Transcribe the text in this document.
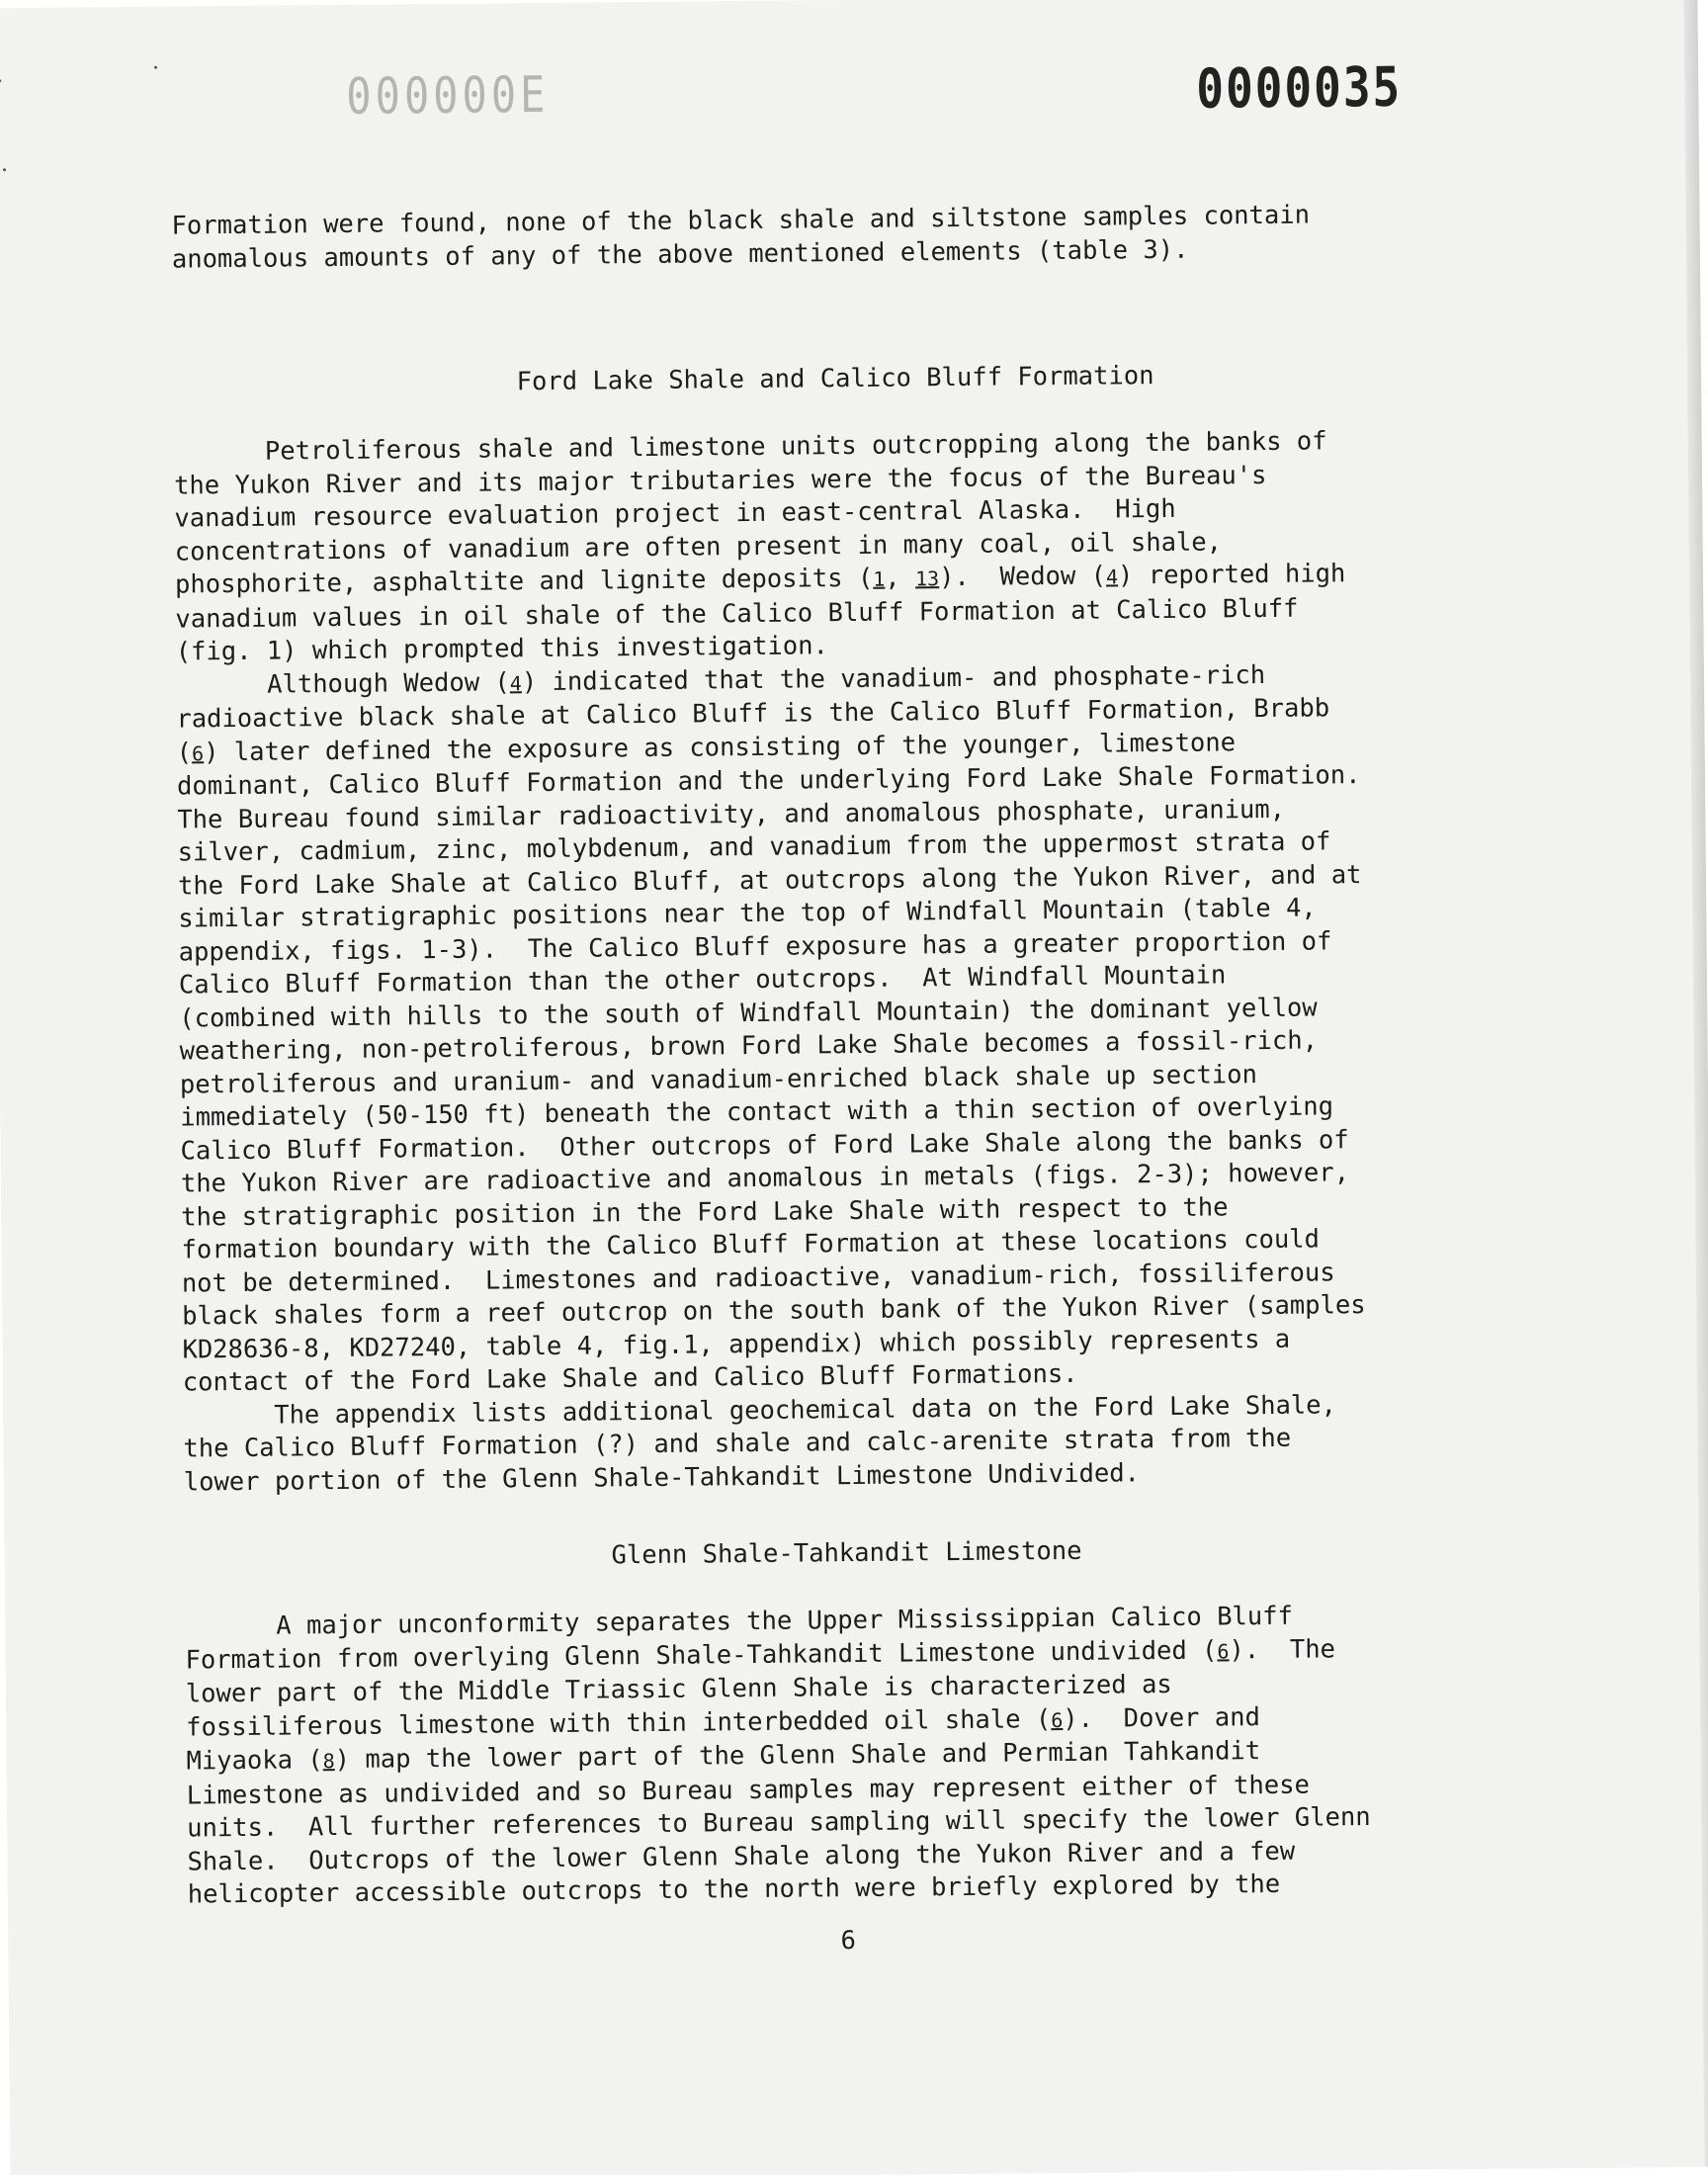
000000E	0000035
Formation were found, none of the black shale and siltstone samples contain
anomalous amounts of any of the above mentioned elements (table 3).
Ford Lake Shale and Calico Bluff Formation
Petroliferous shale and limestone units outcropping along the banks of
the Yukon River and its major tributaries were the focus of the Bureau's
vanadium resource evaluation project in east-central Alaska.  High
concentrations of vanadium are often present in many coal, oil shale,
phosphorite, asphaltite and lignite deposits (1, 13).  Wedow (4) reported high
vanadium values in oil shale of the Calico Bluff Formation at Calico Bluff
(fig. 1) which prompted this investigation.
Although Wedow (4) indicated that the vanadium- and phosphate-rich
radioactive black shale at Calico Bluff is the Calico Bluff Formation, Brabb
(6) later defined the exposure as consisting of the younger, limestone
dominant, Calico Bluff Formation and the underlying Ford Lake Shale Formation.
The Bureau found similar radioactivity, and anomalous phosphate, uranium,
silver, cadmium, zinc, molybdenum, and vanadium from the uppermost strata of
the Ford Lake Shale at Calico Bluff, at outcrops along the Yukon River, and at
similar stratigraphic positions near the top of Windfall Mountain (table 4,
appendix, figs. 1-3).  The Calico Bluff exposure has a greater proportion of
Calico Bluff Formation than the other outcrops.  At Windfall Mountain
(combined with hills to the south of Windfall Mountain) the dominant yellow
weathering, non-petroliferous, brown Ford Lake Shale becomes a fossil-rich,
petroliferous and uranium- and vanadium-enriched black shale up section
immediately (50-150 ft) beneath the contact with a thin section of overlying
Calico Bluff Formation.  Other outcrops of Ford Lake Shale along the banks of
the Yukon River are radioactive and anomalous in metals (figs. 2-3); however,
the stratigraphic position in the Ford Lake Shale with respect to the
formation boundary with the Calico Bluff Formation at these locations could
not be determined.  Limestones and radioactive, vanadium-rich, fossiliferous
black shales form a reef outcrop on the south bank of the Yukon River (samples
KD28636-8, KD27240, table 4, fig.1, appendix) which possibly represents a
contact of the Ford Lake Shale and Calico Bluff Formations.
The appendix lists additional geochemical data on the Ford Lake Shale,
the Calico Bluff Formation (?) and shale and calc-arenite strata from the
lower portion of the Glenn Shale-Tahkandit Limestone Undivided.
Glenn Shale-Tahkandit Limestone
A major unconformity separates the Upper Mississippian Calico Bluff
Formation from overlying Glenn Shale-Tahkandit Limestone undivided (6).  The
lower part of the Middle Triassic Glenn Shale is characterized as
fossiliferous limestone with thin interbedded oil shale (6).  Dover and
Miyaoka (8) map the lower part of the Glenn Shale and Permian Tahkandit
Limestone as undivided and so Bureau samples may represent either of these
units.  All further references to Bureau sampling will specify the lower Glenn
Shale.  Outcrops of the lower Glenn Shale along the Yukon River and a few
helicopter accessible outcrops to the north were briefly explored by the
6
